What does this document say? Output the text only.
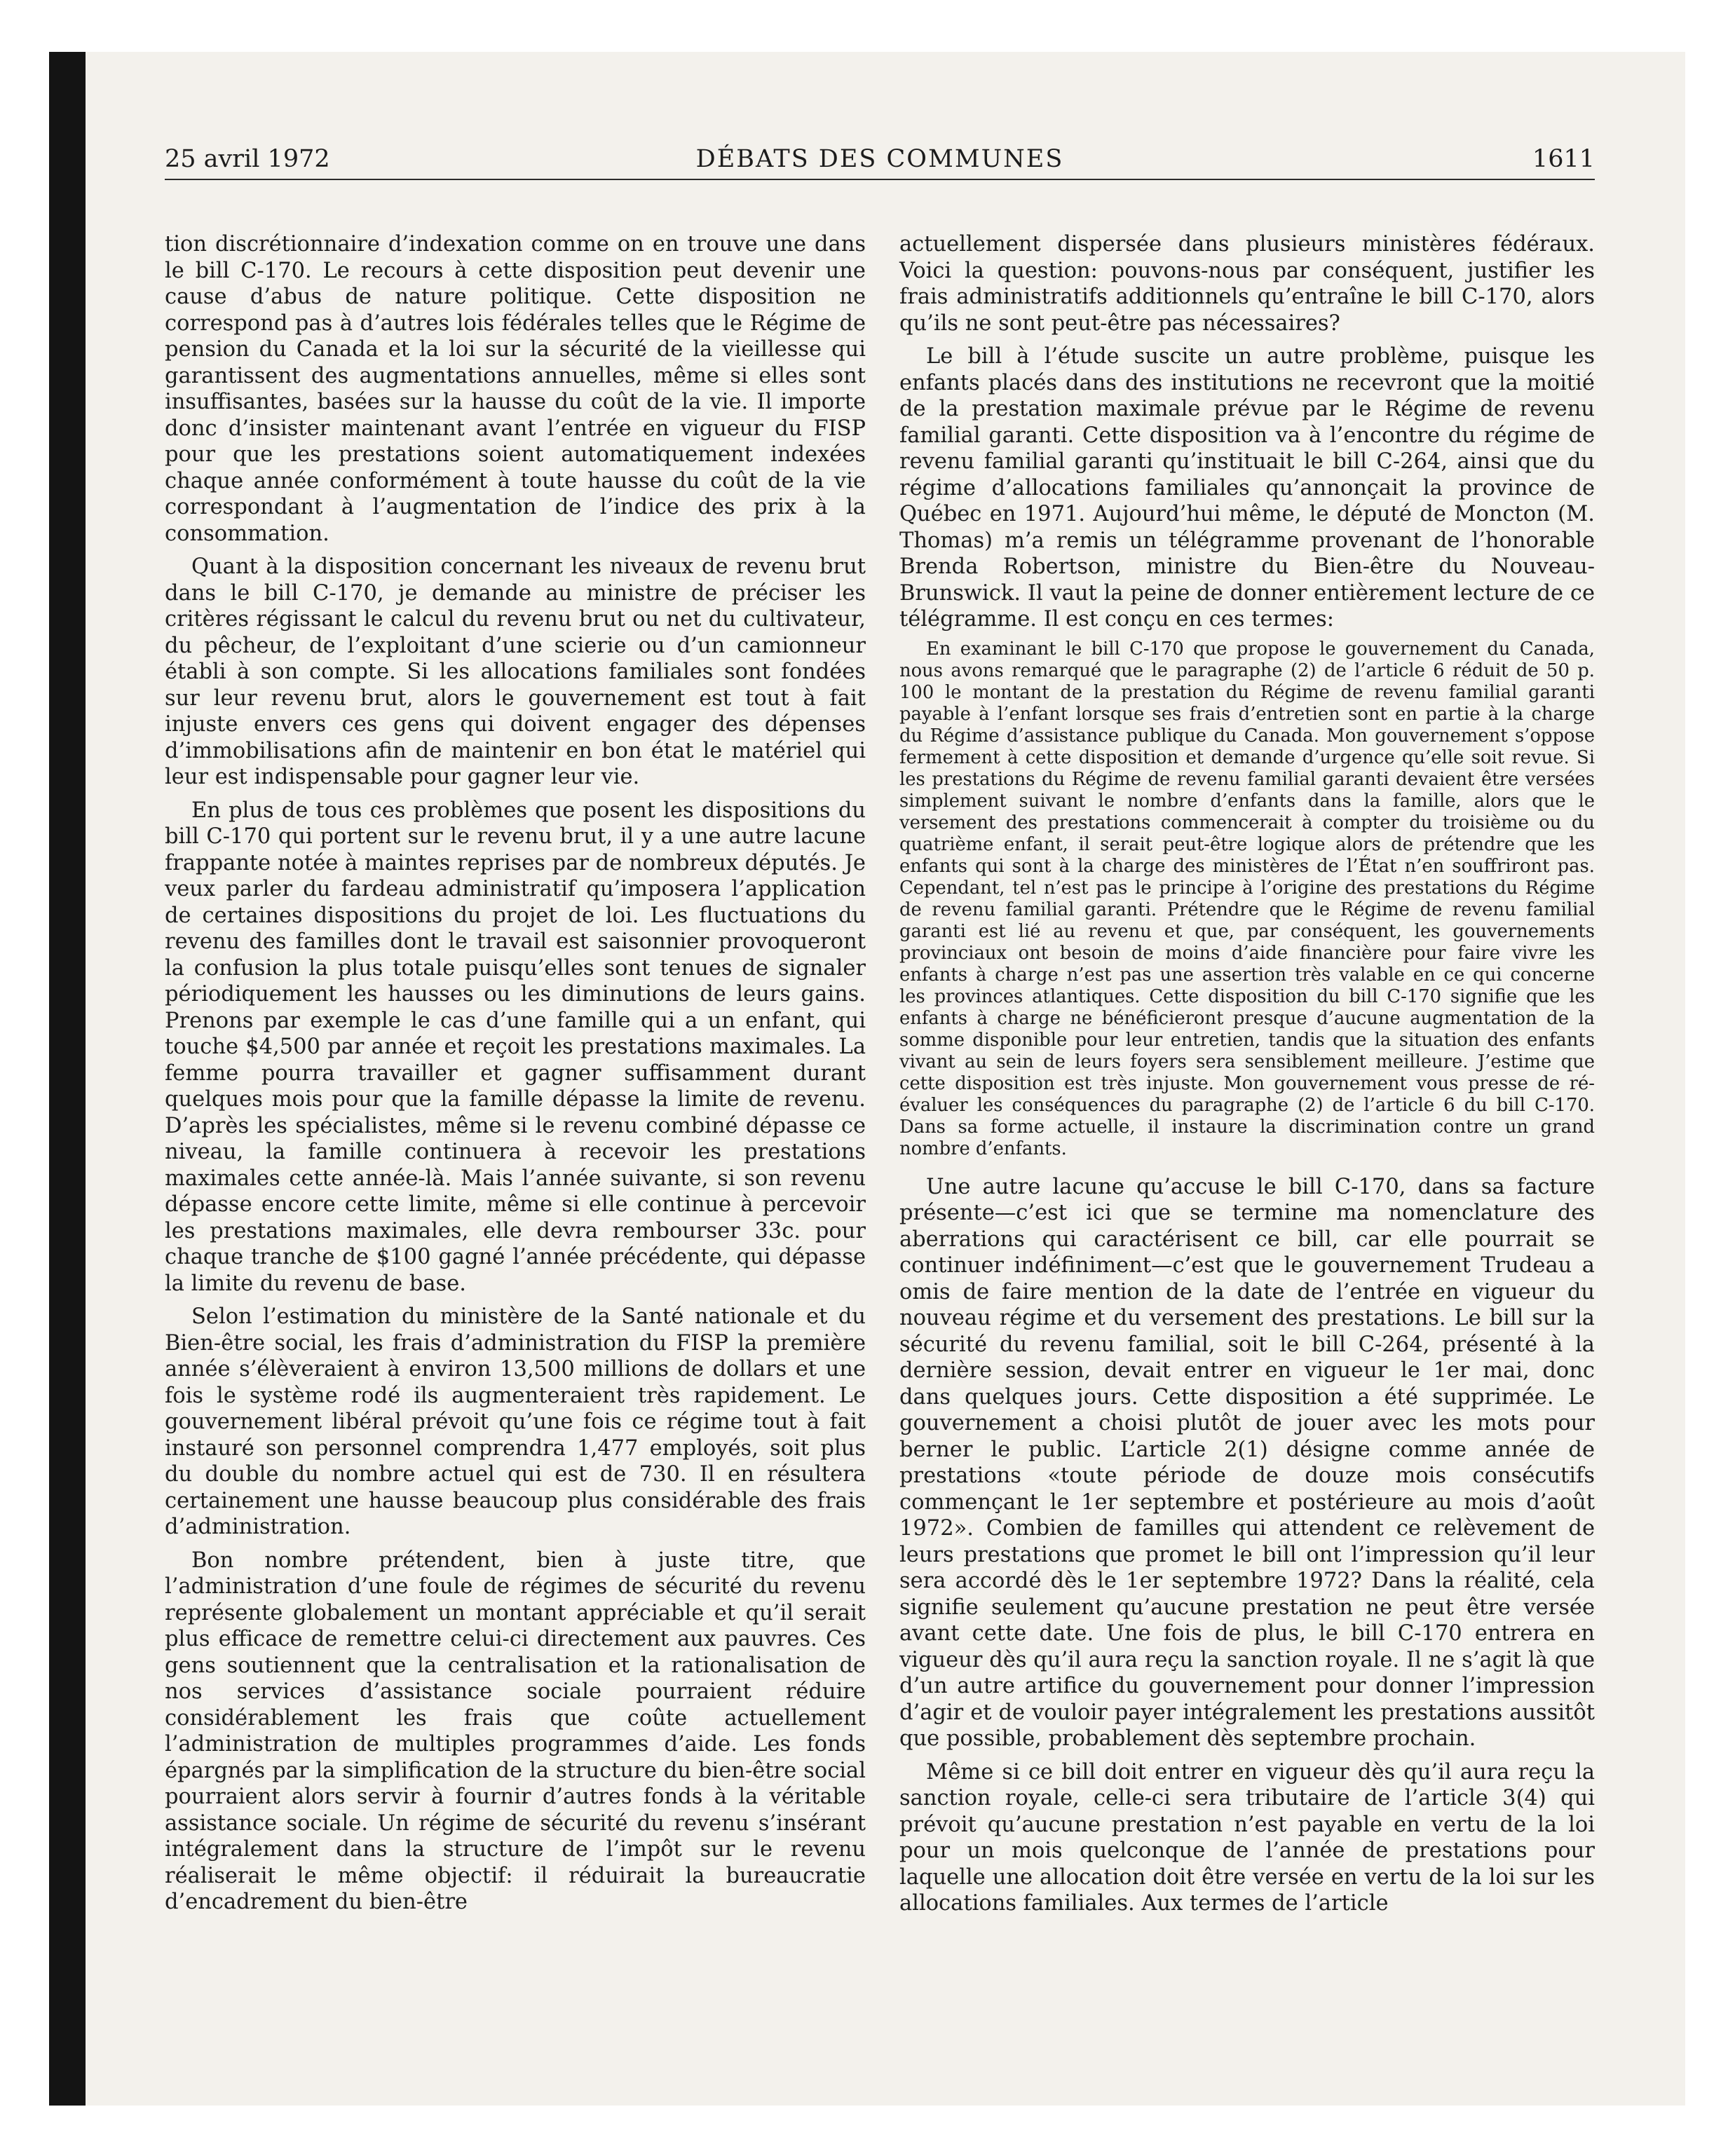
25 avril 1972	DÉBATS DES COMMUNES	1611

tion discrétionnaire d’indexation comme on en trouve une dans le bill C-170. Le recours à cette disposition peut devenir une cause d’abus de nature politique. Cette disposition ne correspond pas à d’autres lois fédérales telles que le Régime de pension du Canada et la loi sur la sécurité de la vieillesse qui garantissent des augmentations annuelles, même si elles sont insuffisantes, basées sur la hausse du coût de la vie. Il importe donc d’insister maintenant avant l’entrée en vigueur du FISP pour que les prestations soient automatiquement indexées chaque année conformément à toute hausse du coût de la vie correspondant à l’augmentation de l’indice des prix à la consommation.

Quant à la disposition concernant les niveaux de revenu brut dans le bill C-170, je demande au ministre de préciser les critères régissant le calcul du revenu brut ou net du cultivateur, du pêcheur, de l’exploitant d’une scierie ou d’un camionneur établi à son compte. Si les allocations familiales sont fondées sur leur revenu brut, alors le gouvernement est tout à fait injuste envers ces gens qui doivent engager des dépenses d’immobilisations afin de maintenir en bon état le matériel qui leur est indispensable pour gagner leur vie.

En plus de tous ces problèmes que posent les dispositions du bill C-170 qui portent sur le revenu brut, il y a une autre lacune frappante notée à maintes reprises par de nombreux députés. Je veux parler du fardeau administratif qu’imposera l’application de certaines dispositions du projet de loi. Les fluctuations du revenu des familles dont le travail est saisonnier provoqueront la confusion la plus totale puisqu’elles sont tenues de signaler périodiquement les hausses ou les diminutions de leurs gains. Prenons par exemple le cas d’une famille qui a un enfant, qui touche $4,500 par année et reçoit les prestations maximales. La femme pourra travailler et gagner suffisamment durant quelques mois pour que la famille dépasse la limite de revenu. D’après les spécialistes, même si le revenu combiné dépasse ce niveau, la famille continuera à recevoir les prestations maximales cette année-là. Mais l’année suivante, si son revenu dépasse encore cette limite, même si elle continue à percevoir les prestations maximales, elle devra rembourser 33c. pour chaque tranche de $100 gagné l’année précédente, qui dépasse la limite du revenu de base.

Selon l’estimation du ministère de la Santé nationale et du Bien-être social, les frais d’administration du FISP la première année s’élèveraient à environ 13,500 millions de dollars et une fois le système rodé ils augmenteraient très rapidement. Le gouvernement libéral prévoit qu’une fois ce régime tout à fait instauré son personnel comprendra 1,477 employés, soit plus du double du nombre actuel qui est de 730. Il en résultera certainement une hausse beaucoup plus considérable des frais d’administration.

Bon nombre prétendent, bien à juste titre, que l’administration d’une foule de régimes de sécurité du revenu représente globalement un montant appréciable et qu’il serait plus efficace de remettre celui-ci directement aux pauvres. Ces gens soutiennent que la centralisation et la rationalisation de nos services d’assistance sociale pourraient réduire considérablement les frais que coûte actuellement l’administration de multiples programmes d’aide. Les fonds épargnés par la simplification de la structure du bien-être social pourraient alors servir à fournir d’autres fonds à la véritable assistance sociale. Un régime de sécurité du revenu s’insérant intégralement dans la structure de l’impôt sur le revenu réaliserait le même objectif: il réduirait la bureaucratie d’encadrement du bien-être

actuellement dispersée dans plusieurs ministères fédéraux. Voici la question: pouvons-nous par conséquent, justifier les frais administratifs additionnels qu’entraîne le bill C-170, alors qu’ils ne sont peut-être pas nécessaires?

Le bill à l’étude suscite un autre problème, puisque les enfants placés dans des institutions ne recevront que la moitié de la prestation maximale prévue par le Régime de revenu familial garanti. Cette disposition va à l’encontre du régime de revenu familial garanti qu’instituait le bill C-264, ainsi que du régime d’allocations familiales qu’annonçait la province de Québec en 1971. Aujourd’hui même, le député de Moncton (M. Thomas) m’a remis un télégramme provenant de l’honorable Brenda Robertson, ministre du Bien-être du Nouveau-Brunswick. Il vaut la peine de donner entièrement lecture de ce télégramme. Il est conçu en ces termes:

En examinant le bill C-170 que propose le gouvernement du Canada, nous avons remarqué que le paragraphe (2) de l’article 6 réduit de 50 p. 100 le montant de la prestation du Régime de revenu familial garanti payable à l’enfant lorsque ses frais d’entretien sont en partie à la charge du Régime d’assistance publique du Canada. Mon gouvernement s’oppose fermement à cette disposition et demande d’urgence qu’elle soit revue. Si les prestations du Régime de revenu familial garanti devaient être versées simplement suivant le nombre d’enfants dans la famille, alors que le versement des prestations commencerait à compter du troisième ou du quatrième enfant, il serait peut-être logique alors de prétendre que les enfants qui sont à la charge des ministères de l’État n’en souffriront pas. Cependant, tel n’est pas le principe à l’origine des prestations du Régime de revenu familial garanti. Prétendre que le Régime de revenu familial garanti est lié au revenu et que, par conséquent, les gouvernements provinciaux ont besoin de moins d’aide financière pour faire vivre les enfants à charge n’est pas une assertion très valable en ce qui concerne les provinces atlantiques. Cette disposition du bill C-170 signifie que les enfants à charge ne bénéficieront presque d’aucune augmentation de la somme disponible pour leur entretien, tandis que la situation des enfants vivant au sein de leurs foyers sera sensiblement meilleure. J’estime que cette disposition est très injuste. Mon gouvernement vous presse de ré-évaluer les conséquences du paragraphe (2) de l’article 6 du bill C-170. Dans sa forme actuelle, il instaure la discrimination contre un grand nombre d’enfants.

Une autre lacune qu’accuse le bill C-170, dans sa facture présente—c’est ici que se termine ma nomenclature des aberrations qui caractérisent ce bill, car elle pourrait se continuer indéfiniment—c’est que le gouvernement Trudeau a omis de faire mention de la date de l’entrée en vigueur du nouveau régime et du versement des prestations. Le bill sur la sécurité du revenu familial, soit le bill C-264, présenté à la dernière session, devait entrer en vigueur le 1er mai, donc dans quelques jours. Cette disposition a été supprimée. Le gouvernement a choisi plutôt de jouer avec les mots pour berner le public. L’article 2(1) désigne comme année de prestations «toute période de douze mois consécutifs commençant le 1er septembre et postérieure au mois d’août 1972». Combien de familles qui attendent ce relèvement de leurs prestations que promet le bill ont l’impression qu’il leur sera accordé dès le 1er septembre 1972? Dans la réalité, cela signifie seulement qu’aucune prestation ne peut être versée avant cette date. Une fois de plus, le bill C-170 entrera en vigueur dès qu’il aura reçu la sanction royale. Il ne s’agit là que d’un autre artifice du gouvernement pour donner l’impression d’agir et de vouloir payer intégralement les prestations aussitôt que possible, probablement dès septembre prochain.

Même si ce bill doit entrer en vigueur dès qu’il aura reçu la sanction royale, celle-ci sera tributaire de l’article 3(4) qui prévoit qu’aucune prestation n’est payable en vertu de la loi pour un mois quelconque de l’année de prestations pour laquelle une allocation doit être versée en vertu de la loi sur les allocations familiales. Aux termes de l’article
